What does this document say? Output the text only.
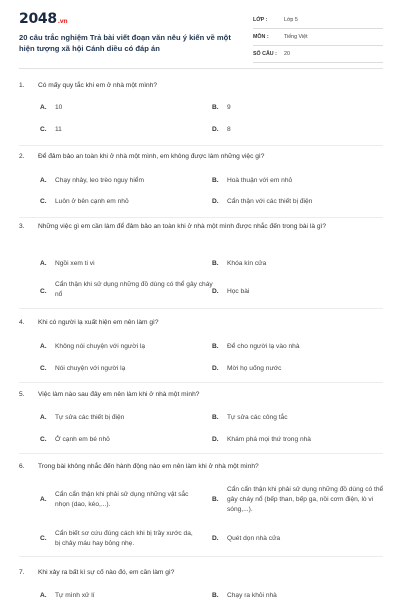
2048.vn
20 câu trắc nghiệm Trả bài viết đoạn văn nêu ý kiến về một hiện tượng xã hội Cánh diều có đáp án
LỚP :	Lớp 5
MÔN :	Tiếng Việt
SỐ CÂU : 20
1. Có mấy quy tắc khi em ở nhà một mình?
A. 10	B. 9
C. 11	D. 8
2. Để đảm bảo an toàn khi ở nhà một mình, em không được làm những việc gì?
A. Chạy nhảy, leo trèo nguy hiểm	B. Hoà thuận với em nhỏ
C. Luôn ở bên cạnh em nhỏ	D. Cẩn thận với các thiết bị điện
3. Những việc gì em cần làm để đảm bảo an toàn khi ở nhà một mình được nhắc đến trong bài là gì?
A. Ngồi xem ti vi	B. Khóa kín cửa
C.
Cẩn thận khi sử dụng những đồ dùng có thể gây cháy nổ	D. Học bài
4. Khi có người lạ xuất hiện em nên làm gì?
A. Không nói chuyện với người lạ	B. Để cho người lạ vào nhà
C. Nói chuyện với người lạ	D. Mời họ uống nước
5. Việc làm nào sau đây em nên làm khi ở nhà một mình?
A. Tự sửa các thiết bị điện	B. Tự sửa các công tắc
C. Ở cạnh em bé nhỏ	D. Khám phá mọi thứ trong nhà
6. Trong bài không nhắc đến hành động nào em nên làm khi ở nhà một mình?
A.
Cẩn cẩn thận khi phải sử dụng những vật sắc nhọn (dao, kéo,...).
B.
Cẩn cẩn thận khi phải sử dụng những đồ dùng có thể gây cháy nổ (bếp than, bếp ga, nồi cơm điện, lò vi sóng,...).
C.
Cẩn biết sơ cứu đúng cách khi bị trầy xước da, bị chảy máu hay bỏng nhẹ.
D. Quét dọn nhà cửa
7. Khi xảy ra bất kì sự cố nào đó, em cần làm gì?
A. Tự mình xử lí	B. Chạy ra khỏi nhà
